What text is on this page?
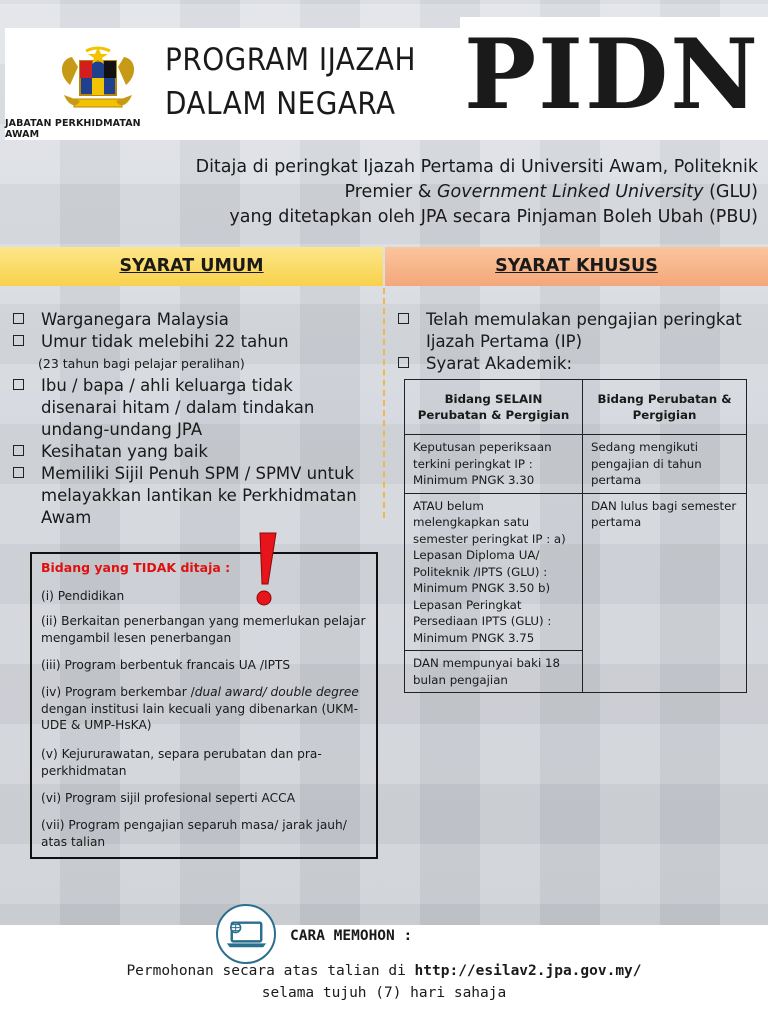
JABATAN PERKHIDMATAN AWAM
PROGRAM IJAZAH
DALAM NEGARA PIDN
Ditaja di peringkat Ijazah Pertama di Universiti Awam, Politeknik
Premier & Government Linked University (GLU)
yang ditetapkan oleh JPA secara Pinjaman Boleh Ubah (PBU)
SYARAT UMUM	SYARAT KHUSUS
Warganegara Malaysia
Umur tidak melebihi 22 tahun
(23 tahun bagi pelajar peralihan)
Ibu / bapa / ahli keluarga tidak disenarai hitam / dalam tindakan undang-undang JPA
Kesihatan yang baik
Memiliki Sijil Penuh SPM / SPMV untuk melayakkan lantikan ke Perkhidmatan Awam
Bidang yang TIDAK ditaja :
(i) Pendidikan
(ii) Berkaitan penerbangan yang memerlukan pelajar mengambil lesen penerbangan
(iii) Program berbentuk francais UA /IPTS
(iv) Program berkembar /dual award/ double degree dengan institusi lain kecuali yang dibenarkan (UKM-UDE & UMP-HsKA)
(v) Kejururawatan, separa perubatan dan pra-perkhidmatan
(vi) Program sijil profesional seperti ACCA
(vii) Program pengajian separuh masa/ jarak jauh/ atas talian
Telah memulakan pengajian peringkat Ijazah Pertama (IP)
Syarat Akademik:
Bidang SELAIN Perubatan & Pergigian	Bidang Perubatan & Pergigian
Keputusan peperiksaan terkini peringkat IP : Minimum PNGK 3.30	Sedang mengikuti pengajian di tahun pertama
ATAU belum melengkapkan satu semester peringkat IP : a) Lepasan Diploma UA/ Politeknik /IPTS (GLU) : Minimum PNGK 3.50 b) Lepasan Peringkat Persediaan IPTS (GLU) : Minimum PNGK 3.75	DAN lulus bagi semester pertama
DAN mempunyai baki 18 bulan pengajian	
CARA MEMOHON :
Permohonan secara atas talian di http://esilav2.jpa.gov.my/
selama tujuh (7) hari sahaja
